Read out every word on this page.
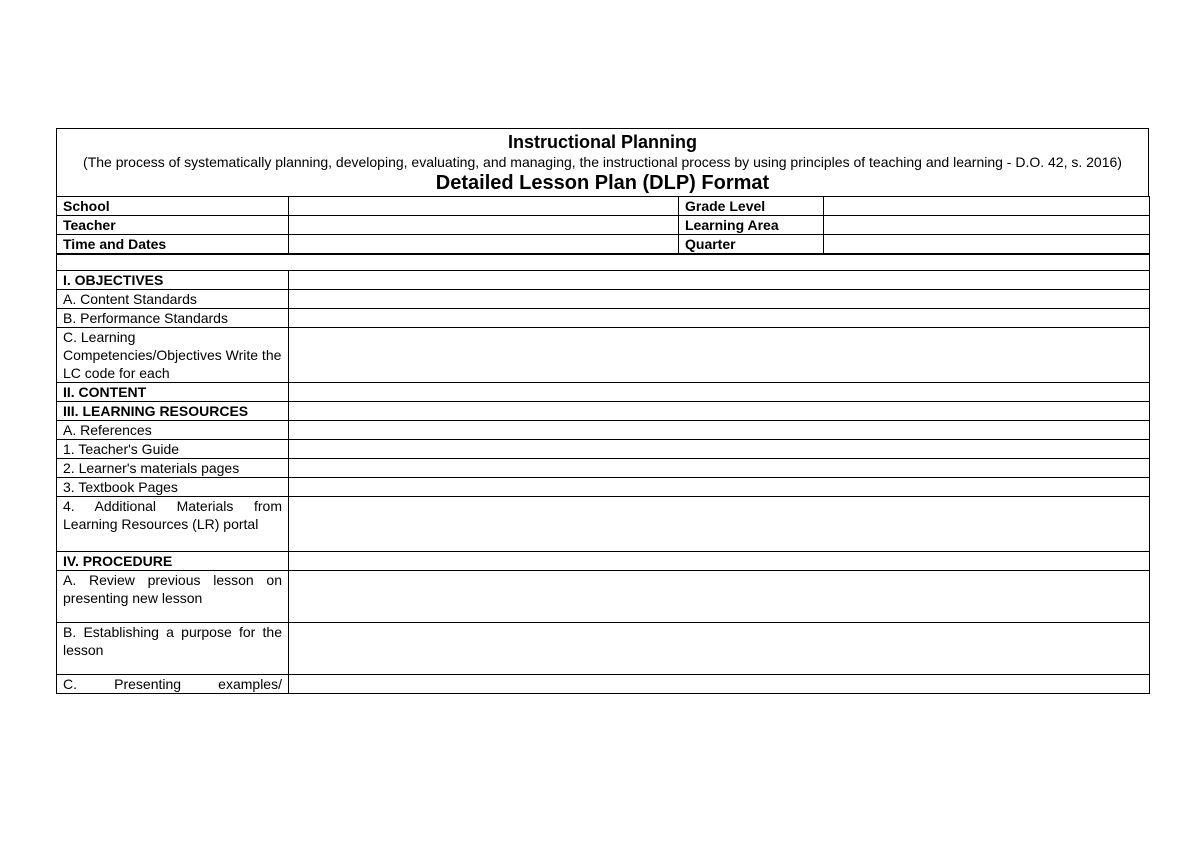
Instructional Planning
(The process of systematically planning, developing, evaluating, and managing, the instructional process by using principles of teaching and learning - D.O. 42, s. 2016)
Detailed Lesson Plan (DLP) Format
School		Grade Level	
Teacher		Learning Area	
Time and Dates		Quarter	

I. OBJECTIVES	
A. Content Standards	
B. Performance Standards	
C. Learning Competencies/Objectives Write the LC code for each	
II. CONTENT	
III. LEARNING RESOURCES	
A. References	
1. Teacher's Guide	
2. Learner's materials pages	
3. Textbook Pages	
4. Additional Materials from Learning Resources (LR) portal	
IV. PROCEDURE	
A. Review previous lesson on presenting new lesson	
B. Establishing a purpose for the lesson	
C. Presenting examples/	
